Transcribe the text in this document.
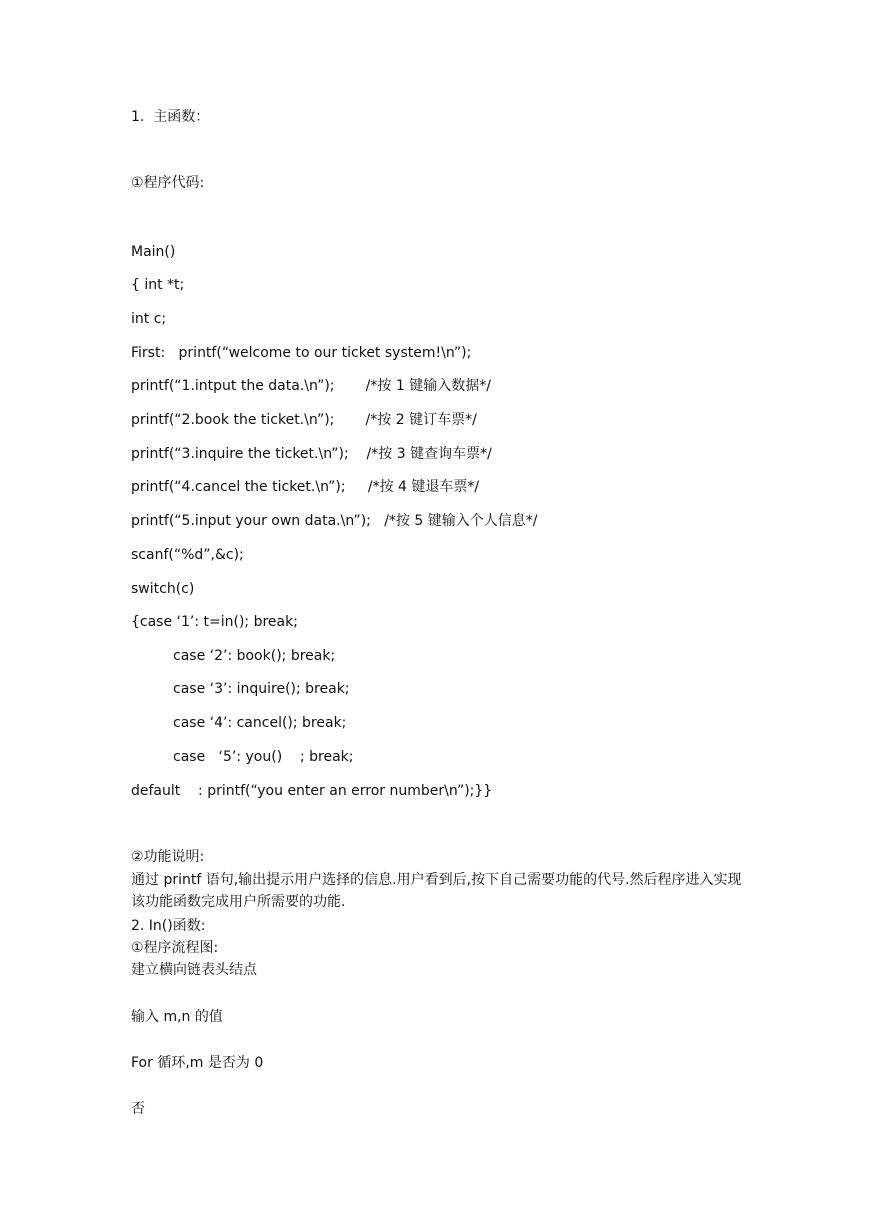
1.  主函数：
①程序代码:
Main()
{ int *t;
int c;
First:   printf(“welcome to our ticket system!\n”);
printf(“1.intput the data.\n”);       /*按 1 键输入数据*/
printf(“2.book the ticket.\n”);       /*按 2 键订车票*/
printf(“3.inquire the ticket.\n”);    /*按 3 键查询车票*/
printf(“4.cancel the ticket.\n”);     /*按 4 键退车票*/
printf(“5.input your own data.\n”);   /*按 5 键输入个人信息*/
scanf(“%d”,&c);
switch(c)
{case ‘1’: t=in(); break;
case ‘2’: book(); break;
case ‘3’: inquire(); break;
case ‘4’: cancel(); break;
case   ‘5’: you()    ; break;
default    : printf(“you enter an error number\n”);}}
②功能说明:
通过 printf 语句,输出提示用户选择的信息.用户看到后,按下自己需要功能的代号.然后程序进入实现该功能函数完成用户所需要的功能.
2. In()函数:
①程序流程图:
建立横向链表头结点
输入 m,n 的值
For 循环,m 是否为 0
否
